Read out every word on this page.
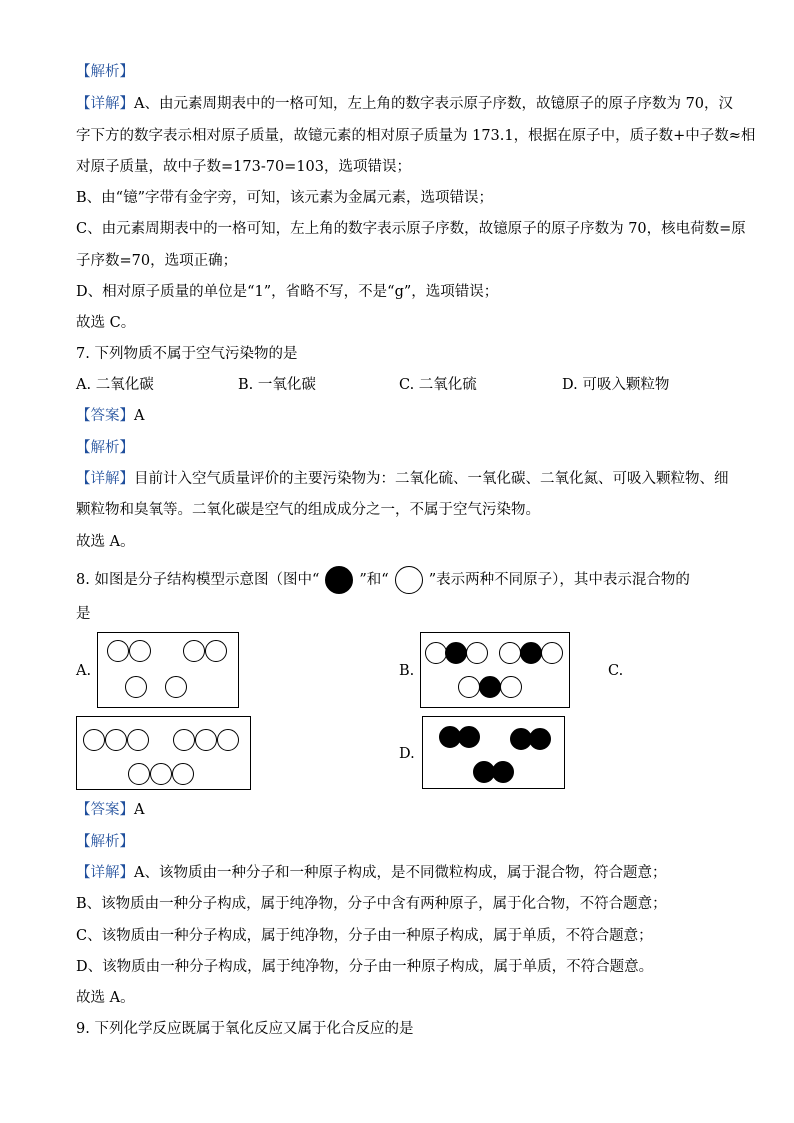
【解析】
【详解】A、由元素周期表中的一格可知，左上角的数字表示原子序数，故镱原子的原子序数为 70，汉
字下方的数字表示相对原子质量，故镱元素的相对原子质量为 173.1，根据在原子中，质子数+中子数≈相
对原子质量，故中子数=173-70=103，选项错误；
B、由“镱”字带有金字旁，可知，该元素为金属元素，选项错误；
C、由元素周期表中的一格可知，左上角的数字表示原子序数，故镱原子的原子序数为 70，核电荷数=原
子序数=70，选项正确；
D、相对原子质量的单位是“1”，省略不写，不是“g”，选项错误；
故选 C。
7. 下列物质不属于空气污染物的是
A. 二氧化碳	B. 一氧化碳	C. 二氧化硫	D. 可吸入颗粒物
【答案】A
【解析】
【详解】目前计入空气质量评价的主要污染物为：二氧化硫、一氧化碳、二氧化氮、可吸入颗粒物、细
颗粒物和臭氧等。二氧化碳是空气的组成成分之一，不属于空气污染物。
故选 A。
8. 如图是分子结构模型示意图（图中“	”和“	”表示两种不同原子），其中表示混合物的
是
A.	B.	C.
D.
【答案】A
【解析】
【详解】A、该物质由一种分子和一种原子构成，是不同微粒构成，属于混合物，符合题意；
B、该物质由一种分子构成，属于纯净物，分子中含有两种原子，属于化合物，不符合题意；
C、该物质由一种分子构成，属于纯净物，分子由一种原子构成，属于单质，不符合题意；
D、该物质由一种分子构成，属于纯净物，分子由一种原子构成，属于单质，不符合题意。
故选 A。
9. 下列化学反应既属于氧化反应又属于化合反应的是
